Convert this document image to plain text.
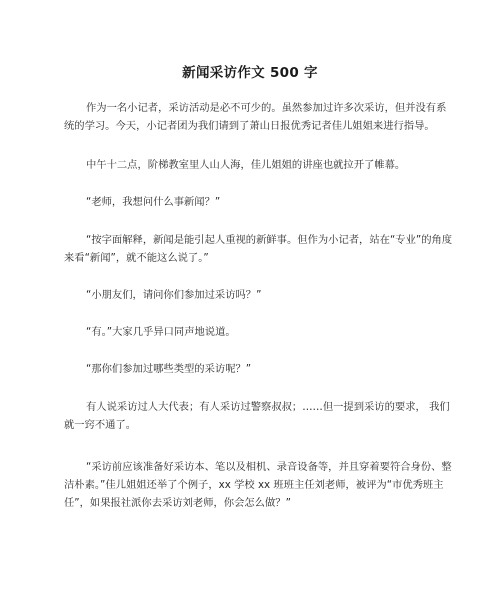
新闻采访作文 500 字

作为一名小记者，采访活动是必不可少的。虽然参加过许多次采访，但并没有系统的学习。今天，小记者团为我们请到了萧山日报优秀记者佳儿姐姐来进行指导。

中午十二点，阶梯教室里人山人海，佳儿姐姐的讲座也就拉开了帷幕。

“老师，我想问什么事新闻？”

“按字面解释，新闻是能引起人重视的新鲜事。但作为小记者，站在“专业”的角度来看“新闻”，就不能这么说了。”

“小朋友们，请问你们参加过采访吗？”

“有。”大家几乎异口同声地说道。

“那你们参加过哪些类型的采访呢？”

有人说采访过人大代表；有人采访过警察叔叔；……但一提到采访的要求， 我们就一窍不通了。

“采访前应该准备好采访本、笔以及相机、录音设备等，并且穿着要符合身份、整洁朴素。”佳儿姐姐还举了个例子，xx 学校 xx 班班主任刘老师，被评为“市优秀班主任”，如果报社派你去采访刘老师，你会怎么做？”
